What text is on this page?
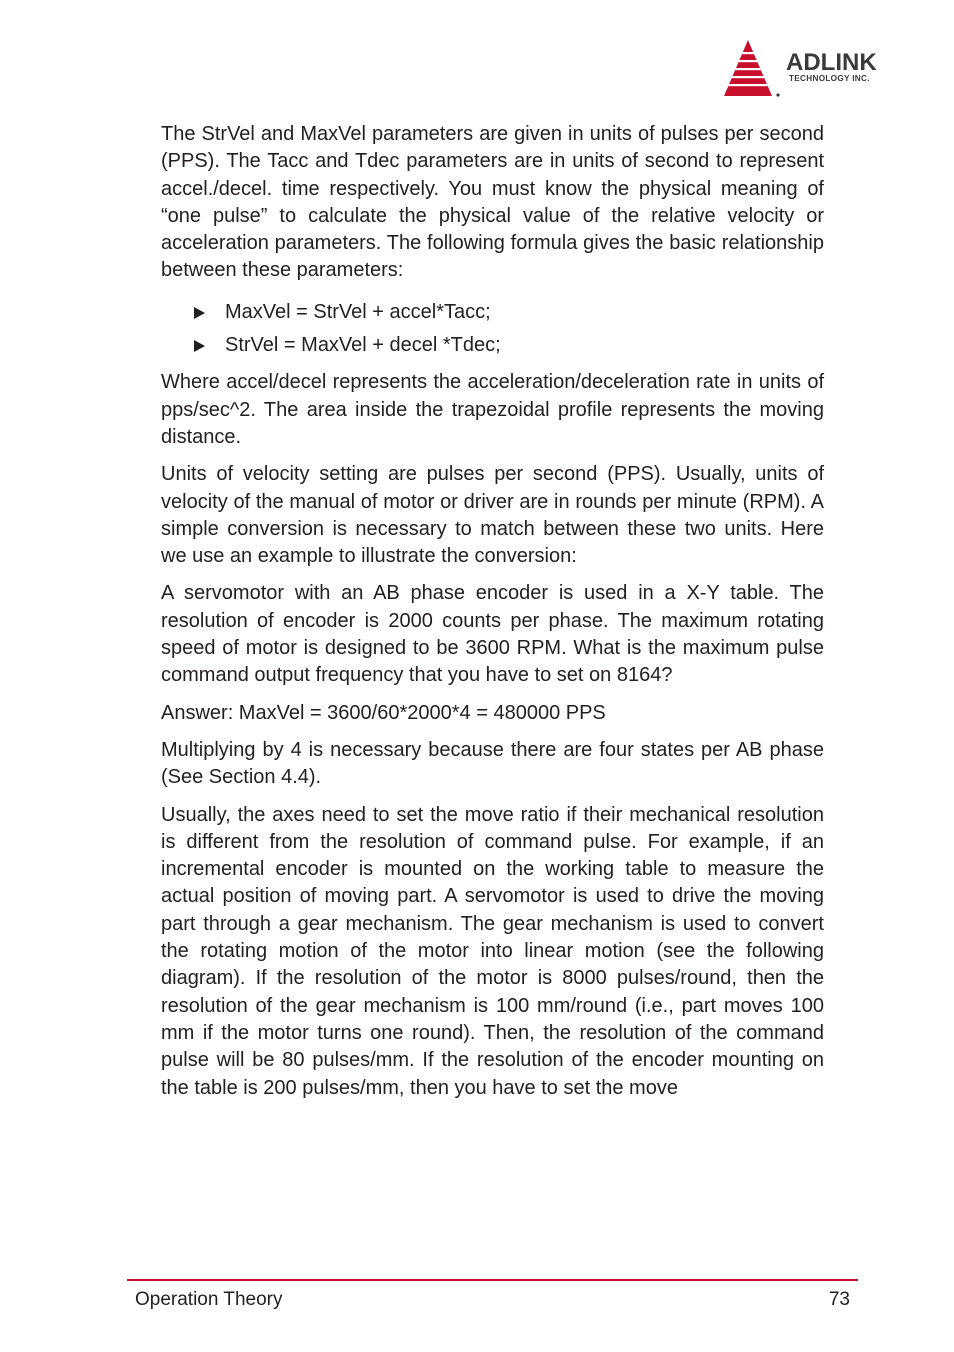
ADLINK
TECHNOLOGY INC.

The StrVel and MaxVel parameters are given in units of pulses per second (PPS). The Tacc and Tdec parameters are in units of second to represent accel./decel. time respectively. You must know the physical meaning of “one pulse” to calculate the physical value of the relative velocity or acceleration parameters. The following formula gives the basic relationship between these parameters:

MaxVel = StrVel + accel*Tacc;
StrVel = MaxVel + decel *Tdec;

Where accel/decel represents the acceleration/deceleration rate in units of pps/sec^2. The area inside the trapezoidal profile represents the moving distance.

Units of velocity setting are pulses per second (PPS). Usually, units of velocity of the manual of motor or driver are in rounds per minute (RPM). A simple conversion is necessary to match between these two units. Here we use an example to illustrate the conversion:

A servomotor with an AB phase encoder is used in a X-Y table. The resolution of encoder is 2000 counts per phase. The maximum rotating speed of motor is designed to be 3600 RPM. What is the maximum pulse command output frequency that you have to set on 8164?

Answer: MaxVel = 3600/60*2000*4 = 480000 PPS

Multiplying by 4 is necessary because there are four states per AB phase (See Section 4.4).

Usually, the axes need to set the move ratio if their mechanical resolution is different from the resolution of command pulse. For example, if an incremental encoder is mounted on the working table to measure the actual position of moving part. A servomotor is used to drive the moving part through a gear mechanism. The gear mechanism is used to convert the rotating motion of the motor into linear motion (see the following diagram). If the resolution of the motor is 8000 pulses/round, then the resolution of the gear mechanism is 100 mm/round (i.e., part moves 100 mm if the motor turns one round). Then, the resolution of the command pulse will be 80 pulses/mm. If the resolution of the encoder mounting on the table is 200 pulses/mm, then you have to set the move

Operation Theory	73
